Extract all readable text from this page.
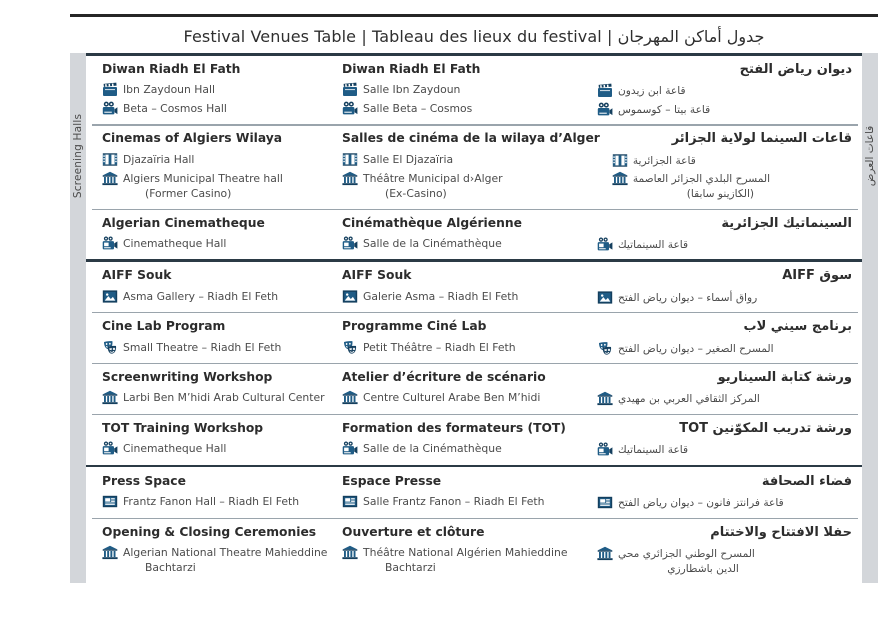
Festival Venues Table | Tableau des lieux du festival | جدول أماكن المهرجان
Screening Halls
Diwan Riadh El Fath
Ibn Zaydoun Hall
Beta – Cosmos Hall
Diwan Riadh El Fath
Salle Ibn Zaydoun
Salle Beta – Cosmos
ديوان رياض الفتح
قاعة ابن زيدون
قاعة بيتا – كوسموس
Cinemas of Algiers Wilaya
Djazaïria Hall
Algiers Municipal Theatre hall
(Former Casino)
Salles de cinéma de la wilaya d’Alger
Salle El Djazaïria
Théâtre Municipal d›Alger
(Ex-Casino)
قاعات السينما لولاية الجزائر
قاعة الجزائرية
المسرح البلدي الجزائر العاصمة
(الكازينو سابقا)
Algerian Cinematheque
Cinematheque Hall
Cinémathèque Algérienne
Salle de la Cinémathèque
السينماتيك الجزائرية
قاعة السينماتيك
قاعات العرض
AIFF Souk
Asma Gallery – Riadh El Feth
AIFF Souk
Galerie Asma – Riadh El Feth
سوق AIFF
رواق أسماء – ديوان رياض الفتح
Cine Lab Program
Small Theatre – Riadh El Feth
Programme Ciné Lab
Petit Théâtre – Riadh El Feth
برنامج سيني لاب
المسرح الصغير – ديوان رياض الفتح
Screenwriting Workshop
Larbi Ben M’hidi Arab Cultural Center
Atelier d’écriture de scénario
Centre Culturel Arabe Ben M’hidi
ورشة كتابة السيناريو
المركز الثقافي العربي بن مهيدي
TOT Training Workshop
Cinematheque Hall
Formation des formateurs (TOT)
Salle de la Cinémathèque
ورشة تدريب المكوّنين TOT
قاعة السينماتيك
Press Space
Frantz Fanon Hall – Riadh El Feth
Espace Presse
Salle Frantz Fanon – Riadh El Feth
فضاء الصحافة
قاعة فرانتز فانون – ديوان رياض الفتح
Opening & Closing Ceremonies
Algerian National Theatre Mahieddine
Bachtarzi
Ouverture et clôture
Théâtre National Algérien Mahieddine
Bachtarzi
حفلا الافتتاح والاختتام
المسرح الوطني الجزائري محي
الدين باشطارزي
